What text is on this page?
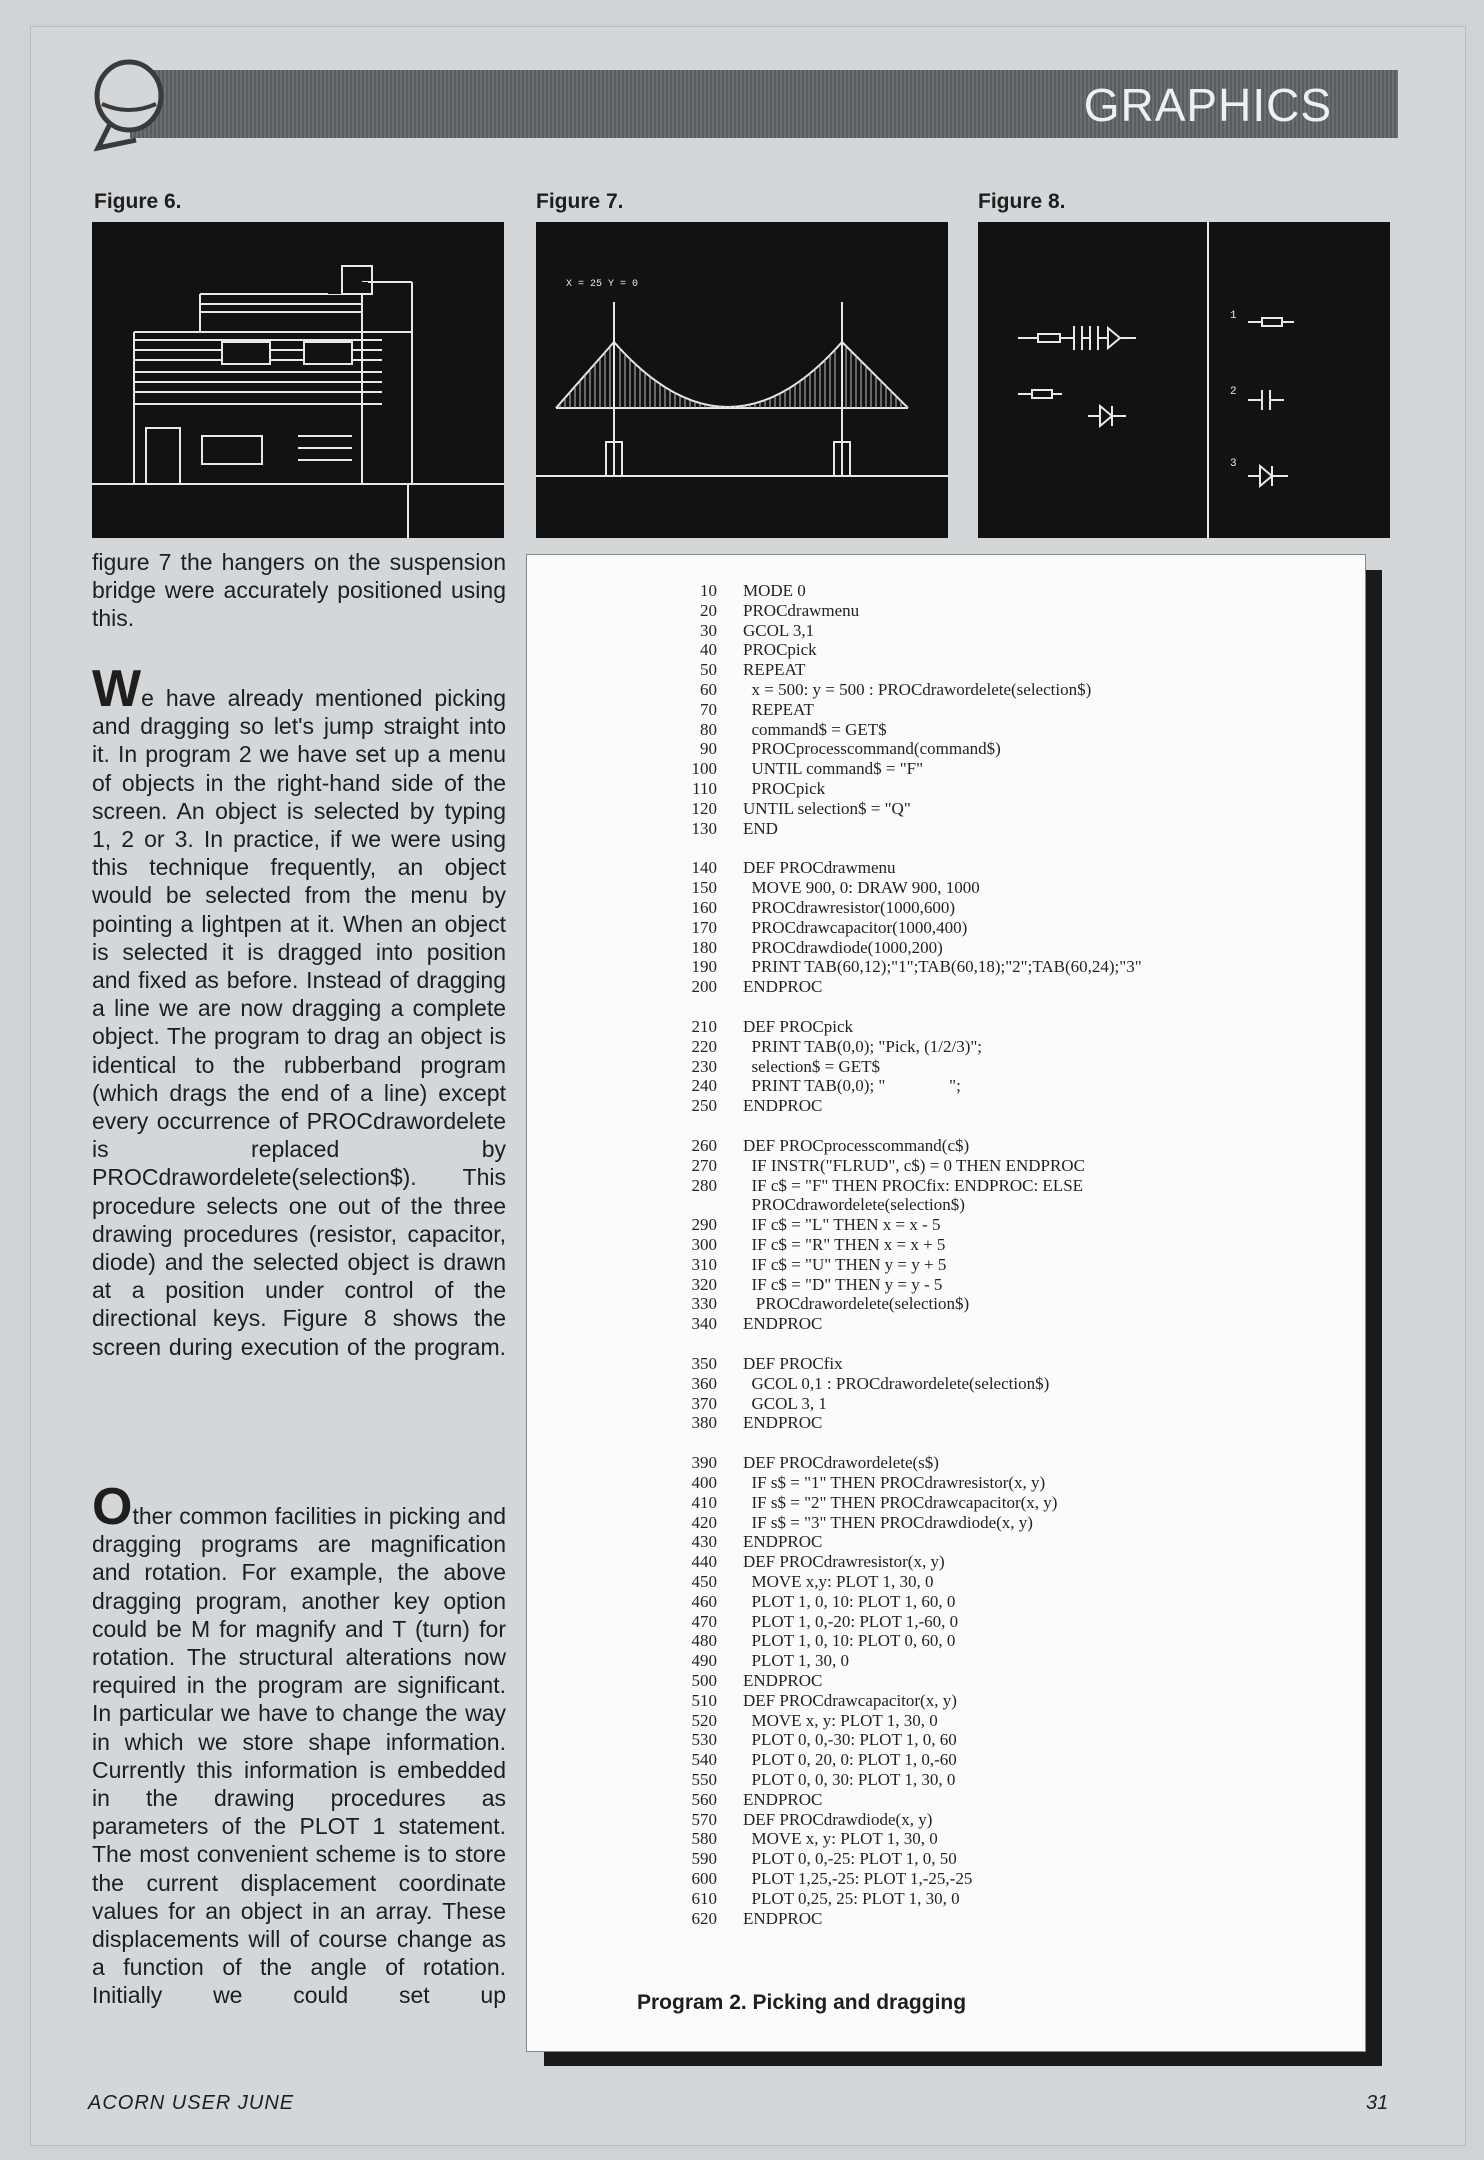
GRAPHICS
Figure 6.	Figure 7.	Figure 8.
X = 25 Y = 0
1
2
3
figure 7 the hangers on the suspension bridge were accurately positioned using this.
We have already mentioned picking and dragging so let's jump straight into it. In program 2 we have set up a menu of objects in the right-hand side of the screen. An object is selected by typing 1, 2 or 3. In practice, if we were using this technique frequently, an object would be selected from the menu by pointing a lightpen at it. When an object is selected it is dragged into position and fixed as before. Instead of dragging a line we are now dragging a complete object. The program to drag an object is identical to the rubberband program (which drags the end of a line) except every occurrence of PROCdrawordelete is replaced by PROCdrawordelete(selection$). This procedure selects one out of the three drawing procedures (resistor, capacitor, diode) and the selected object is drawn at a position under control of the directional keys. Figure 8 shows the screen during execution of the program.
Other common facilities in picking and dragging programs are magnification and rotation. For example, the above dragging program, another key option could be M for magnify and T (turn) for rotation. The structural alterations now required in the program are significant. In particular we have to change the way in which we store shape information. Currently this information is embedded in the drawing procedures as parameters of the PLOT 1 statement. The most convenient scheme is to store the current displacement coordinate values for an object in an array. These displacements will of course change as a function of the angle of rotation. Initially we could set up
10 MODE 0
20 PROCdrawmenu
30 GCOL 3,1
40 PROCpick
50 REPEAT
60 x = 500: y = 500 : PROCdrawordelete(selection$)
70 REPEAT
80 command$ = GET$
90 PROCprocesscommand(command$)
100 UNTIL command$ = "F"
110 PROCpick
120 UNTIL selection$ = "Q"
130 END
140 DEF PROCdrawmenu
150 MOVE 900, 0: DRAW 900, 1000
160 PROCdrawresistor(1000,600)
170 PROCdrawcapacitor(1000,400)
180 PROCdrawdiode(1000,200)
190 PRINT TAB(60,12);"1";TAB(60,18);"2";TAB(60,24);"3"
200 ENDPROC
210 DEF PROCpick
220 PRINT TAB(0,0); "Pick, (1/2/3)";
230 selection$ = GET$
240 PRINT TAB(0,0); "               ";
250 ENDPROC
260 DEF PROCprocesscommand(c$)
270 IF INSTR("FLRUD", c$) = 0 THEN ENDPROC
280 IF c$ = "F" THEN PROCfix: ENDPROC: ELSE
PROCdrawordelete(selection$)
290 IF c$ = "L" THEN x = x - 5
300 IF c$ = "R" THEN x = x + 5
310 IF c$ = "U" THEN y = y + 5
320 IF c$ = "D" THEN y = y - 5
330 PROCdrawordelete(selection$)
340 ENDPROC
350 DEF PROCfix
360 GCOL 0,1 : PROCdrawordelete(selection$)
370 GCOL 3, 1
380 ENDPROC
390 DEF PROCdrawordelete(s$)
400 IF s$ = "1" THEN PROCdrawresistor(x, y)
410 IF s$ = "2" THEN PROCdrawcapacitor(x, y)
420 IF s$ = "3" THEN PROCdrawdiode(x, y)
430 ENDPROC
440 DEF PROCdrawresistor(x, y)
450 MOVE x,y: PLOT 1, 30, 0
460 PLOT 1, 0, 10: PLOT 1, 60, 0
470 PLOT 1, 0,-20: PLOT 1,-60, 0
480 PLOT 1, 0, 10: PLOT 0, 60, 0
490 PLOT 1, 30, 0
500 ENDPROC
510 DEF PROCdrawcapacitor(x, y)
520 MOVE x, y: PLOT 1, 30, 0
530 PLOT 0, 0,-30: PLOT 1, 0, 60
540 PLOT 0, 20, 0: PLOT 1, 0,-60
550 PLOT 0, 0, 30: PLOT 1, 30, 0
560 ENDPROC
570 DEF PROCdrawdiode(x, y)
580 MOVE x, y: PLOT 1, 30, 0
590 PLOT 0, 0,-25: PLOT 1, 0, 50
600 PLOT 1,25,-25: PLOT 1,-25,-25
610 PLOT 0,25, 25: PLOT 1, 30, 0
620 ENDPROC
Program 2. Picking and dragging
ACORN USER JUNE	31
